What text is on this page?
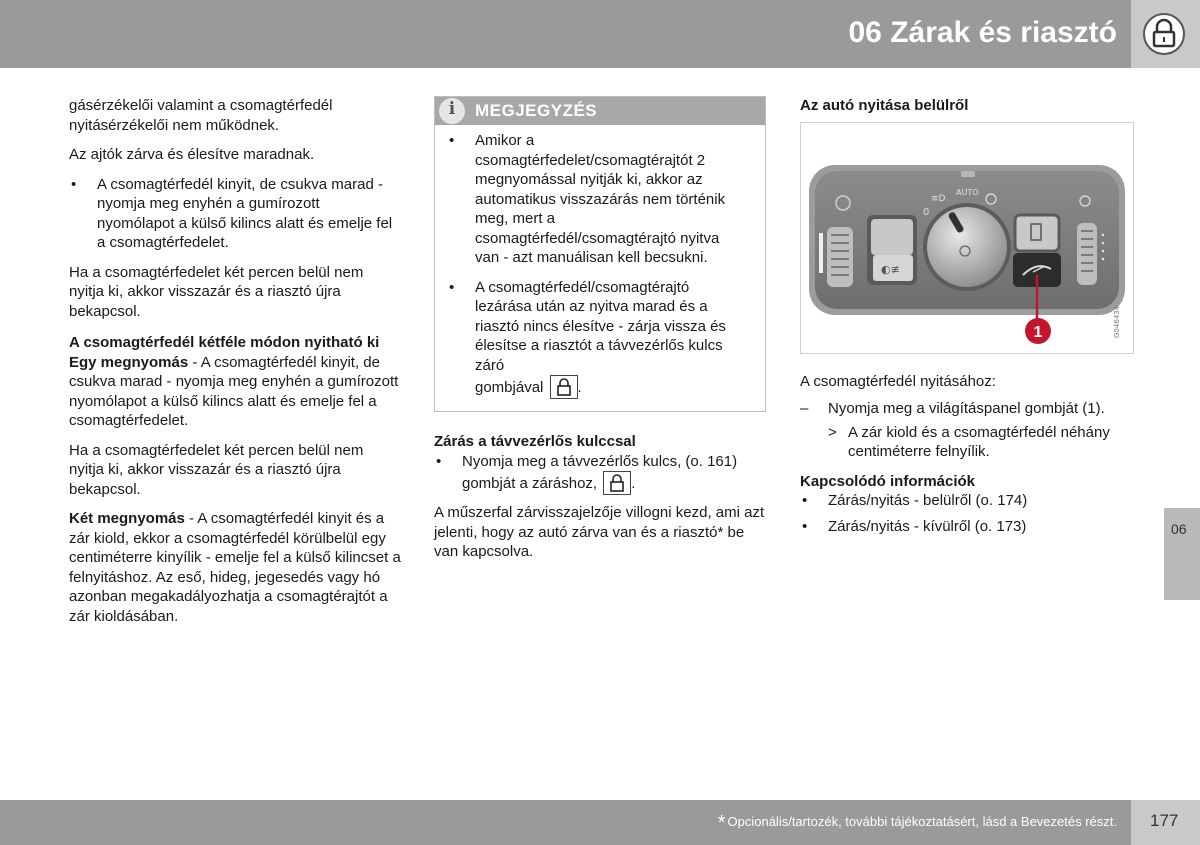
06 Zárak és riasztó
06

gásérzékelői valamint a csomagtérfedél nyitásérzékelői nem működnek.

Az ajtók zárva és élesítve maradnak.

• A csomagtérfedél kinyit, de csukva marad - nyomja meg enyhén a gumírozott nyomólapot a külső kilincs alatt és emelje fel a csomagtérfedelet.

Ha a csomagtérfedelet két percen belül nem nyitja ki, akkor visszazár és a riasztó újra bekapcsol.

A csomagtérfedél kétféle módon nyitható ki

Egy megnyomás - A csomagtérfedél kinyit, de csukva marad - nyomja meg enyhén a gumírozott nyomólapot a külső kilincs alatt és emelje fel a csomagtérfedelet.

Ha a csomagtérfedelet két percen belül nem nyitja ki, akkor visszazár és a riasztó újra bekapcsol.

Két megnyomás - A csomagtérfedél kinyit és a zár kiold, ekkor a csomagtérfedél körülbelül egy centiméterre kinyílik - emelje fel a külső kilincset a felnyitáshoz. Az eső, hideg, jegesedés vagy hó azonban megakadályozhatja a csomagtérajtót a zár kioldásában.

i	MEGJEGYZÉS
• Amikor a csomagtérfedelet/csomagtérajtót 2 megnyomással nyitják ki, akkor az automatikus visszazárás nem történik meg, mert a csomagtérfedél/csomagtérajtó nyitva van - azt manuálisan kell becsukni.
• A csomagtérfedél/csomagtérajtó lezárása után az nyitva marad és a riasztó nincs élesítve - zárja vissza és élesítse a riasztót a távvezérlős kulcs záró
gombjával .
Zárás a távvezérlős kulccsal
• Nyomja meg a távvezérlős kulcs, (o. 161)
gombját a záráshoz, .

A műszerfal zárvisszajelzője villogni kezd, ami azt jelenti, hogy az autó zárva van és a riasztó* be van kapcsolva.

Az autó nyitása belülről
◐≢
≡D
AUTO
0
1	G046434

A csomagtérfedél nyitásához:

– Nyomja meg a világításpanel gombját (1).
> A zár kiold és a csomagtérfedél néhány centiméterre felnyílik.
Kapcsolódó információk
• Zárás/nyitás - belülről (o. 174)
• Zárás/nyitás - kívülről (o. 173)
* Opcionális/tartozék, további tájékoztatásért, lásd a Bevezetés részt. 177
